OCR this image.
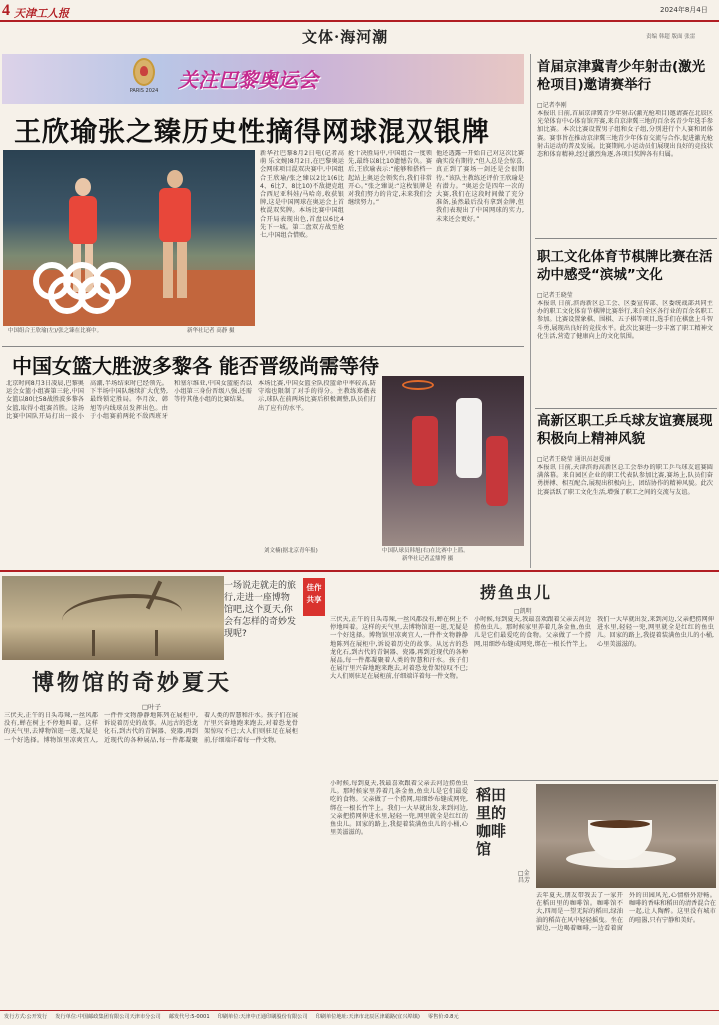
4 天津工人报	2024年8月4日
文体·海河潮	责编 韩超 版面 张雷
PARIS 2024 关注巴黎奥运会
王欣瑜张之臻历史性摘得网球混双银牌
中国组合王欣瑜(左)/张之臻在比赛中。	新华社记者 高静 摄
新华社巴黎8月2日电(记者高萌 乐文婉)8月2日,在巴黎奥运会网球项目混双决赛中,中国组合王欣瑜/张之臻以2比1(6比4、6比7、8比10)不敌捷克组合西尼亚科娃/马哈奇,收获银牌,这是中国网球在奥运会上首枚混双奖牌。本场比赛中国组合开局表现出色,首盘以6比4先下一城。第二盘双方战至抢七,中国组合惜败。
抢十决胜局中,中国组合一度领先,最终以8比10遗憾告负。赛后,王欣瑜表示:“能够和搭档一起站上奥运会领奖台,我们非常开心。”张之臻说:“这枚银牌是对我们努力的肯定,未来我们会继续努力。”
他还透露一开始自己对这次比赛确实没有期待,“但人总是会惊喜,真正到了赛场一剑还是会很期待。”该队主教练还评价王欣瑜是有潜力。“奥运会是四年一次的大赛,我们在这段时间做了充分准备,虽然最后没有拿到金牌,但我们表现出了中国网球的实力,未来还会更好。”
首届京津冀青少年射击(激光枪项目)邀请赛举行
□记者李刚
本报讯 日前,首届京津冀青少年射击(激光枪项目)邀请赛在北辰区光荣体育中心体育馆开赛,来自京津冀三地的百余名青少年选手参加比赛。本次比赛设置男子组和女子组,分别进行个人赛和团体赛。赛事旨在推动京津冀三地青少年体育交流与合作,促进激光枪射击运动的普及发展。比赛期间,小运动员们展现出良好的竞技状态和体育精神,经过激烈角逐,各项目奖牌各有归属。
职工文化体育节棋牌比赛在活动中感受“滨城”文化
□记者王晓莹
本报讯 日前,滨海新区总工会、区委宣传部、区委统战部共同主办的职工文化体育节棋牌比赛举行,来自全区各行业的百余名职工参加。比赛设置象棋、围棋、五子棋等项目,选手们在棋盘上斗智斗勇,展现出良好的竞技水平。此次比赛进一步丰富了职工精神文化生活,营造了健康向上的文化氛围。
高新区职工乒乓球友谊赛展现积极向上精神风貌
□记者王晓莹 通讯员赵爱丽
本报讯 日前,天津滨海高新区总工会举办的职工乒乓球友谊赛圆满落幕。来自园区企业的职工代表队参加比赛,赛场上,队员们奋勇拼搏、相互配合,展现出积极向上、团结协作的精神风貌。此次比赛活跃了职工文化生活,增强了职工之间的交流与友谊。
中国女篮大胜波多黎各 能否晋级尚需等待
北京时间8月3日凌晨,巴黎奥运会女篮小组赛第三轮,中国女篮以80比58战胜波多黎各女篮,取得小组赛首胜。这场比赛中国队开局打出一波小高潮,半场结束时已经领先。下半场中国队继续扩大优势,最终锁定胜局。李月汝、韩旭等内线球员发挥出色。由于小组赛前两轮不敌西班牙和塞尔维亚,中国女篮能否以小组第三身份晋级八强,还需等待其他小组的比赛结果。
本场比赛,中国女篮全队投篮命中率较高,防守端也限制了对手的得分。主教练郑薇表示,球队在前两场比赛后积极调整,队员们打出了应有的水平。
中国队球员韩旭(右)在比赛中上篮。
新华社记者孟鼎博 摄
刘文楠(据北京青年报)
一场说走就走的旅行,走进一座博物馆吧,这个夏天,你会有怎样的奇妙发现呢?
博物馆的奇妙夏天
□叶子
三伏天,正午的日头毒辣,一丝风都没有,蝉在树上不停地叫着。这样的天气里,去博物馆逛一逛,无疑是一个好选择。博物馆里凉爽宜人,一件件文物静静地陈列在展柜中,诉说着历史的故事。从远古的恐龙化石,到古代的青铜器、瓷器,再到近现代的各种展品,每一件都凝聚着人类的智慧和汗水。孩子们在展厅里兴奋地跑来跑去,对着恐龙骨架惊叹不已;大人们则驻足在展柜前,仔细端详着每一件文物。
佳作
共享	捞鱼虫儿
□凯明
小时候,每到夏天,我最喜欢跟着父亲去河边捞鱼虫儿。那时候家里养着几条金鱼,鱼虫儿是它们最爱吃的食物。父亲做了一个捞网,用细纱布缝成网兜,绑在一根长竹竿上。我们一大早就出发,来到河边,父亲把捞网伸进水里,轻轻一兜,网里就全是红红的鱼虫儿。回家的路上,我提着装满鱼虫儿的小桶,心里美滋滋的。
三伏天,正午的日头毒辣,一丝风都没有,蝉在树上不停地叫着。这样的天气里,去博物馆逛一逛,无疑是一个好选择。博物馆里凉爽宜人,一件件文物静静地陈列在展柜中,诉说着历史的故事。从远古的恐龙化石,到古代的青铜器、瓷器,再到近现代的各种展品,每一件都凝聚着人类的智慧和汗水。孩子们在展厅里兴奋地跑来跑去,对着恐龙骨架惊叹不已;大人们则驻足在展柜前,仔细端详着每一件文物。
稻田里的咖啡馆
□金昌芳
去年夏天,朋友带我去了一家开在稻田里的咖啡馆。咖啡馆不大,四周是一望无际的稻田,绿油油的稻苗在风中轻轻摇曳。坐在窗边,一边喝着咖啡,一边看着窗外的田园风光,心情格外舒畅。咖啡的香味和稻田的清香混合在一起,让人陶醉。这里没有城市的喧嚣,只有宁静和美好。
小时候,每到夏天,我最喜欢跟着父亲去河边捞鱼虫儿。那时候家里养着几条金鱼,鱼虫儿是它们最爱吃的食物。父亲做了一个捞网,用细纱布缝成网兜,绑在一根长竹竿上。我们一大早就出发,来到河边,父亲把捞网伸进水里,轻轻一兜,网里就全是红红的鱼虫儿。回家的路上,我提着装满鱼虫儿的小桶,心里美滋滋的。
发行方式:公开发行 发行单位:中国邮政集团有限公司天津市分公司 邮发代号:5-0001 印刷单位:天津中正通印刷股份有限公司 印刷单位地址:天津市北辰区津霸路(宜兴埠镇) 零售价:0.8元
